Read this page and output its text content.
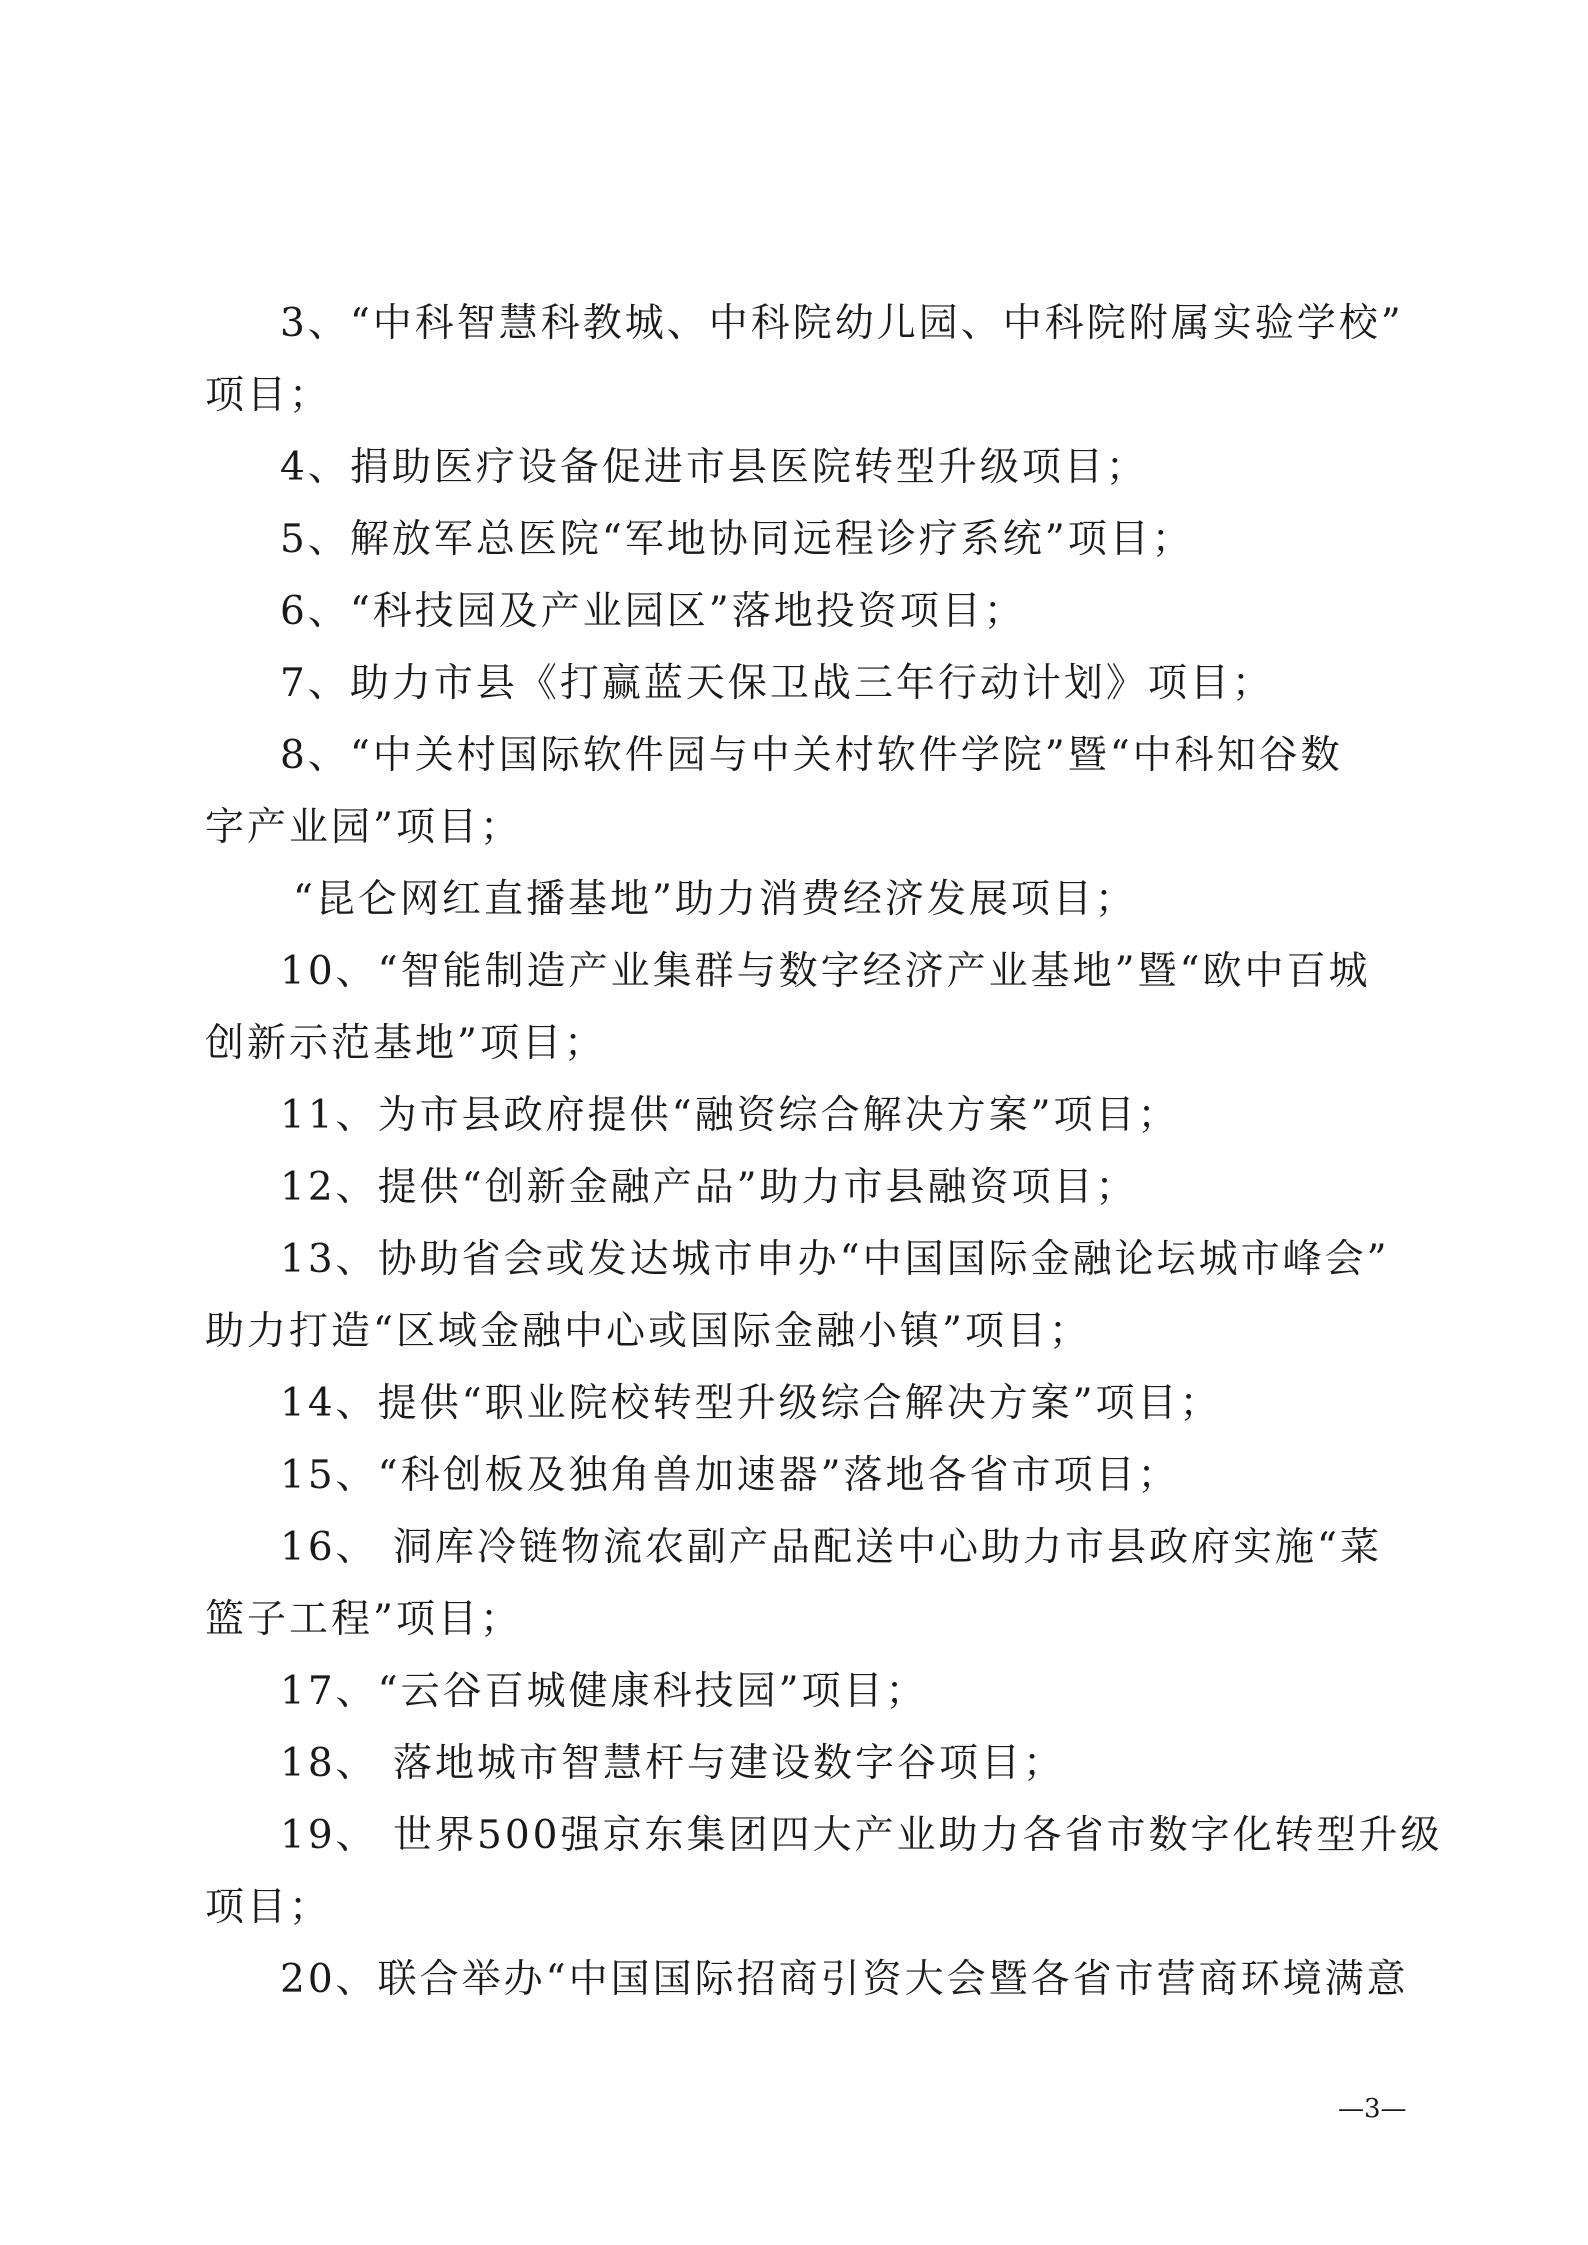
3、“中科智慧科教城、中科院幼儿园、中科院附属实验学校”
项目；
4、捐助医疗设备促进市县医院转型升级项目；
5、解放军总医院“军地协同远程诊疗系统”项目；
6、“科技园及产业园区”落地投资项目；
7、助力市县《打赢蓝天保卫战三年行动计划》项目；
8、“中关村国际软件园与中关村软件学院”暨“中科知谷数
字产业园”项目；
“昆仑网红直播基地”助力消费经济发展项目；
10、“智能制造产业集群与数字经济产业基地”暨“欧中百城
创新示范基地”项目；
11、为市县政府提供“融资综合解决方案”项目；
12、提供“创新金融产品”助力市县融资项目；
13、协助省会或发达城市申办“中国国际金融论坛城市峰会”
助力打造“区域金融中心或国际金融小镇”项目；
14、提供“职业院校转型升级综合解决方案”项目；
15、“科创板及独角兽加速器”落地各省市项目；
16、 洞库冷链物流农副产品配送中心助力市县政府实施“菜
篮子工程”项目；
17、“云谷百城健康科技园”项目；
18、 落地城市智慧杆与建设数字谷项目；
19、 世界500强京东集团四大产业助力各省市数字化转型升级
项目；
20、联合举办“中国国际招商引资大会暨各省市营商环境满意
—3—
